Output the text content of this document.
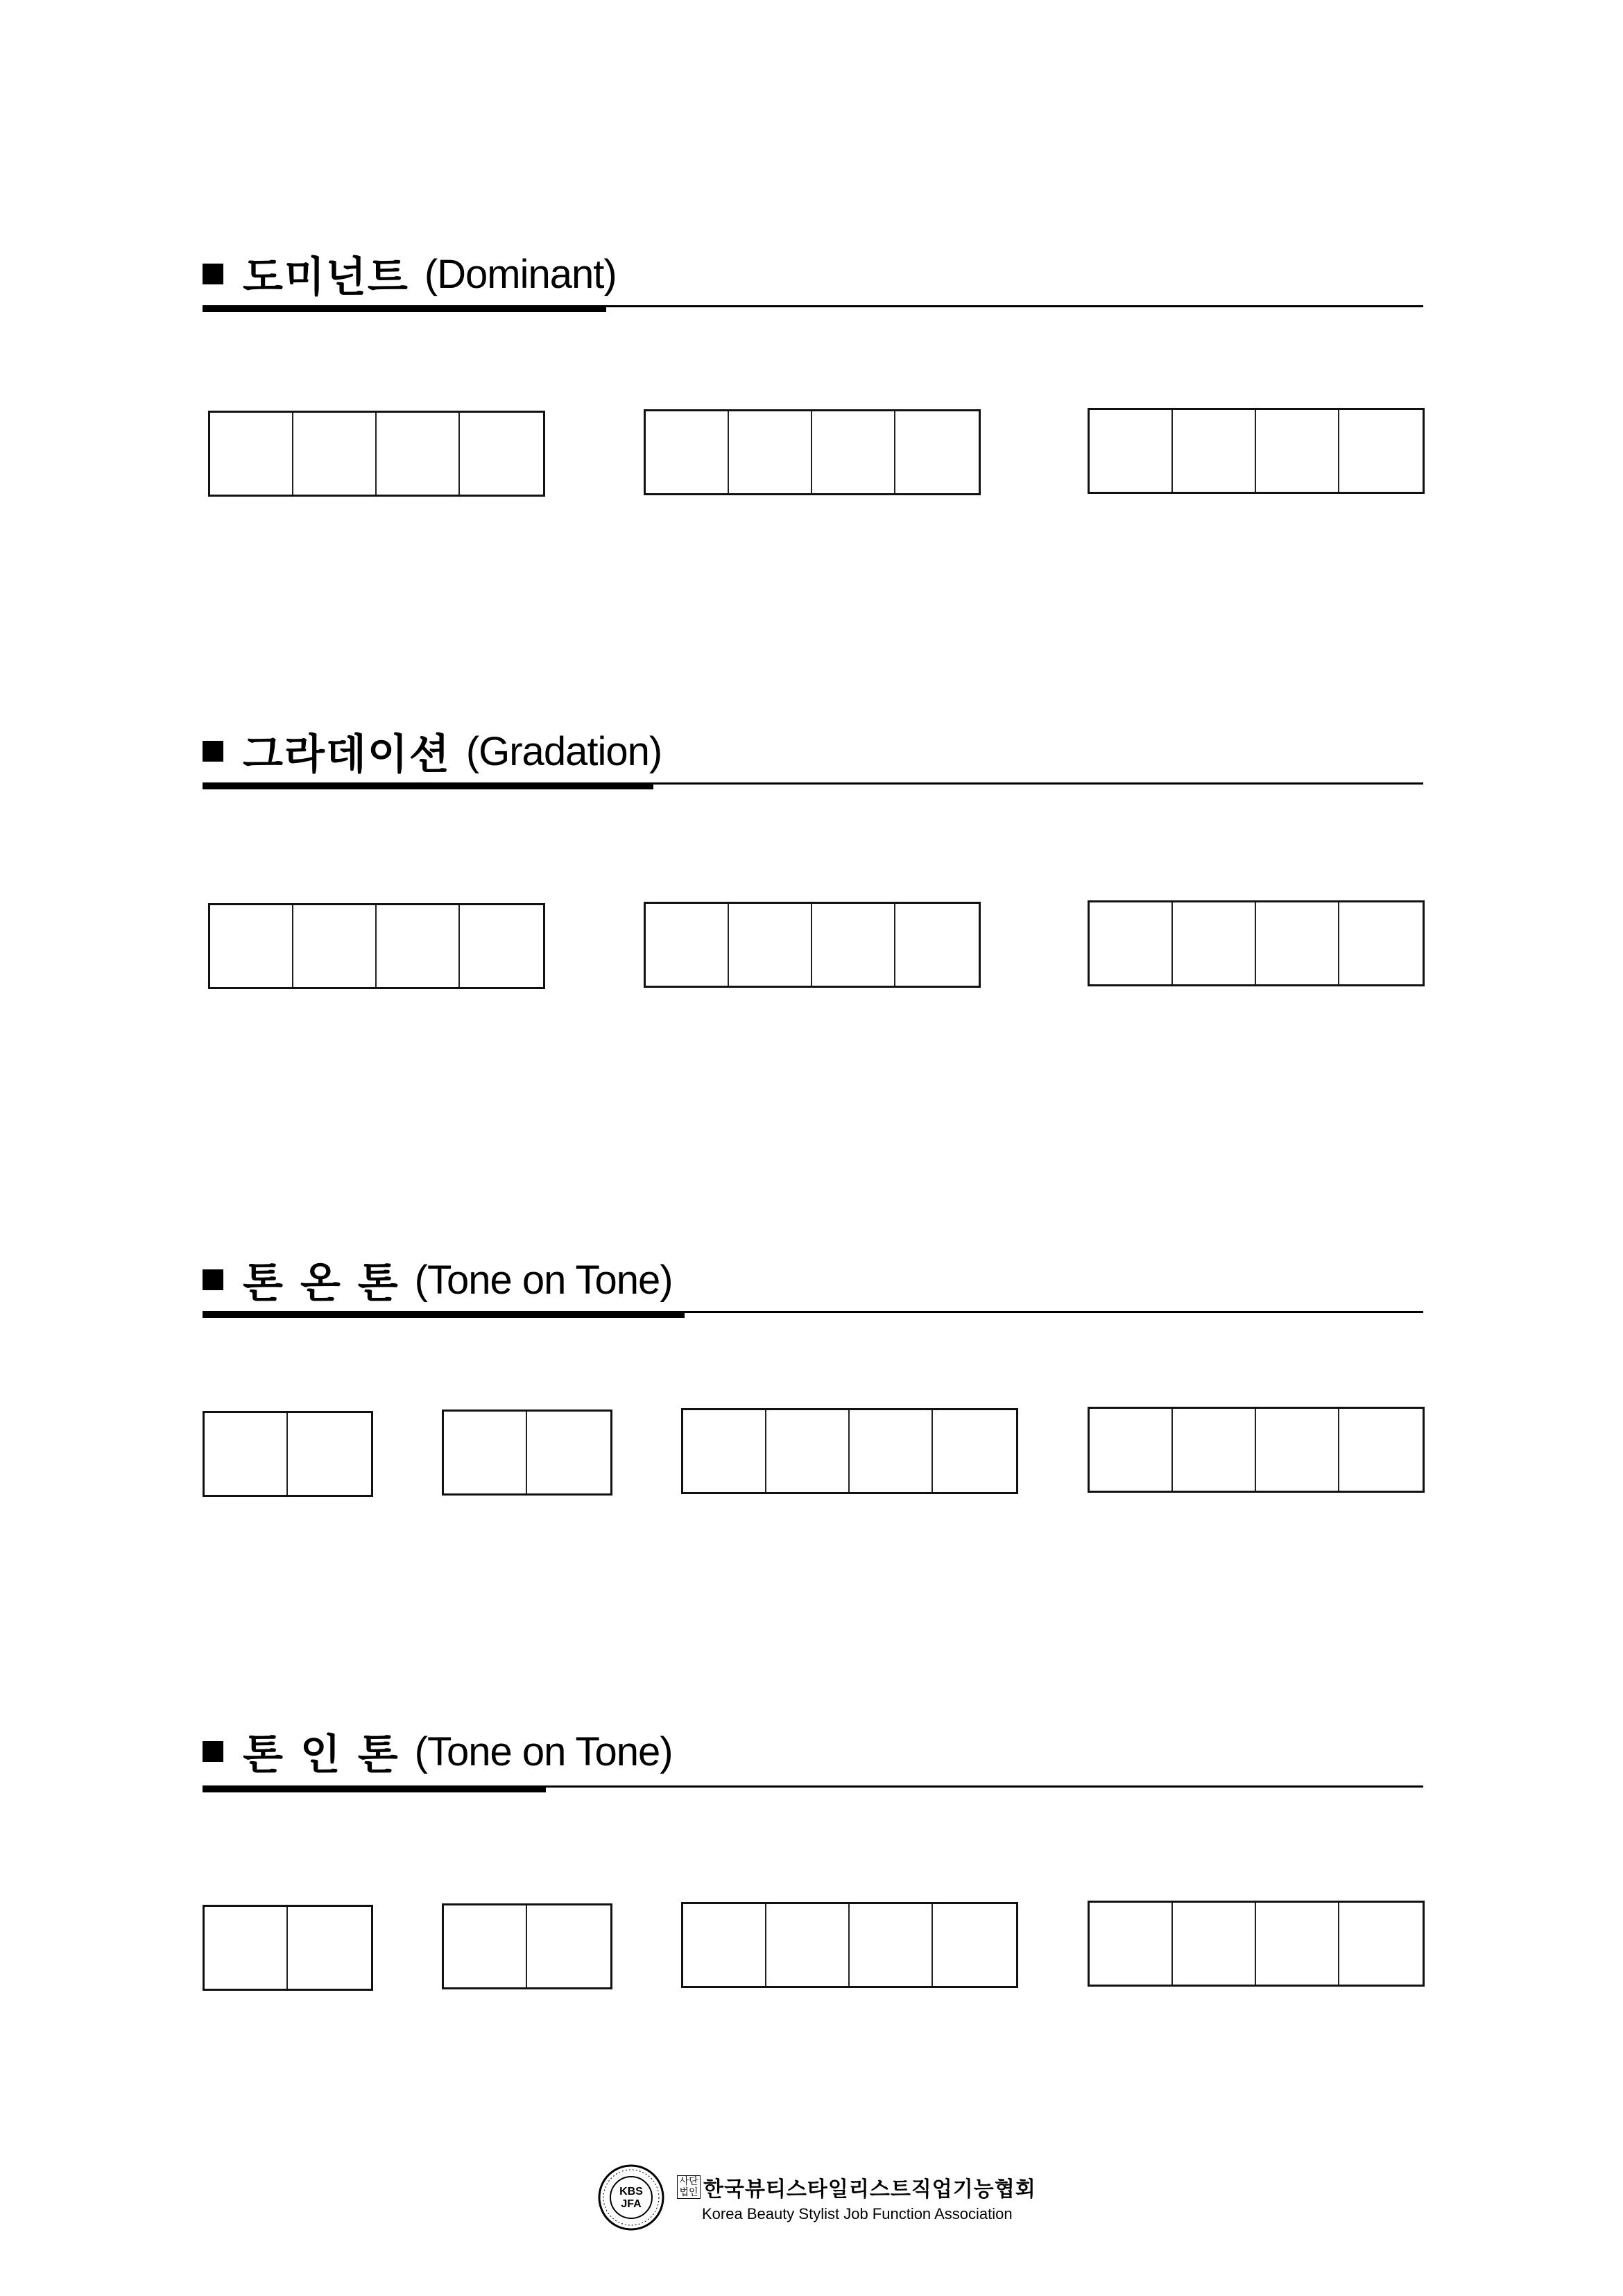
도미넌트 (Dominant)
그라데이션 (Gradation)
톤 온 톤 (Tone on Tone)
톤 인 톤 (Tone on Tone)
KBS
JFA
사단
법인 한국뷰티스타일리스트직업기능협회
Korea Beauty Stylist Job Function Association
